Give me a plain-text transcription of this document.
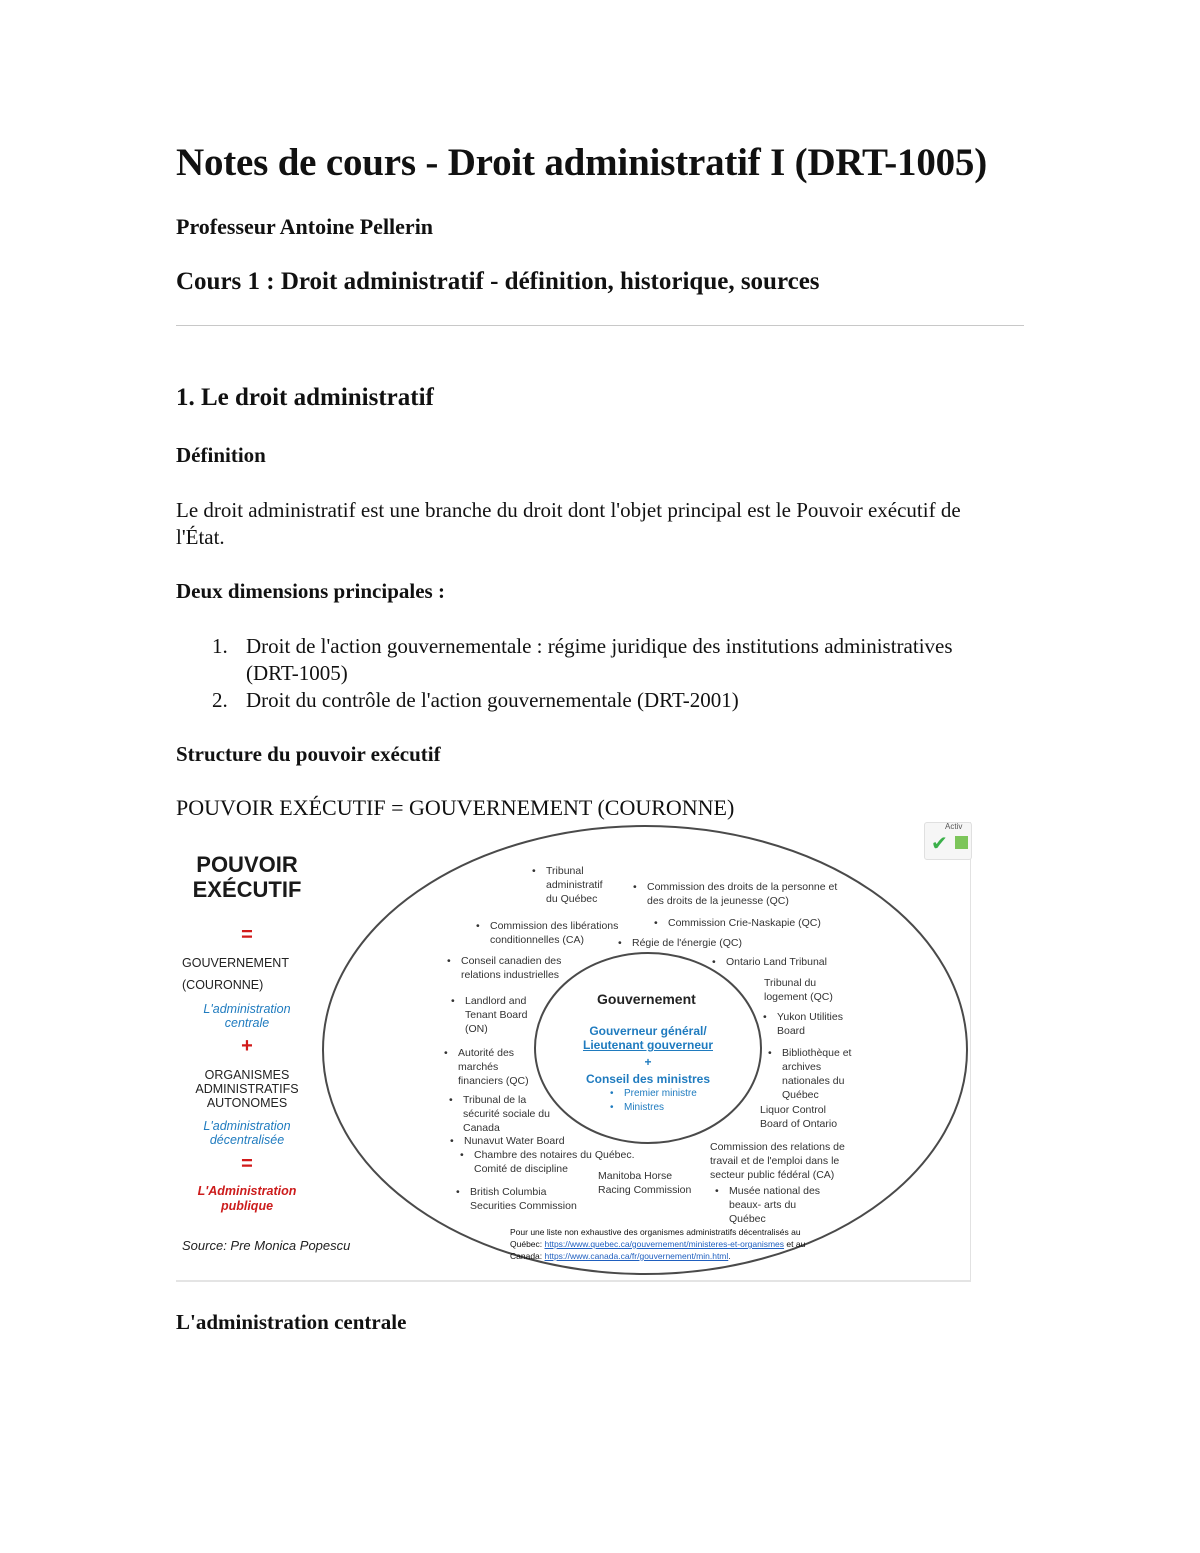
Notes de cours - Droit administratif I (DRT-1005)
Professeur Antoine Pellerin
Cours 1 : Droit administratif - définition, historique, sources
1. Le droit administratif
Définition

Le droit administratif est une branche du droit dont l'objet principal est le Pouvoir exécutif de l'État.

Deux dimensions principales :
1. Droit de l'action gouvernementale : régime juridique des institutions administratives (DRT-1005)
2. Droit du contrôle de l'action gouvernementale (DRT-2001)
Structure du pouvoir exécutif
POUVOIR EXÉCUTIF = GOUVERNEMENT (COURONNE)
Activ
✔
POUVOIR
EXÉCUTIF
=
GOUVERNEMENT
(COURONNE)
L'administration
centrale
+
ORGANISMES
ADMINISTRATIFS
AUTONOMES
L'administration
décentralisée
=
L'Administration
publique
Source: Pre Monica Popescu
Gouvernement
Gouverneur général/
Lieutenant gouverneur
+
Conseil des ministres
• Premier ministre
• Ministres
• Tribunal
administratif
du Québec
• Commission des droits de la personne et
des droits de la jeunesse (QC)
• Commission des libérations
conditionnelles (CA)
• Commission Crie-Naskapie (QC)
• Régie de l'énergie (QC)
• Conseil canadien des
relations industrielles
• Ontario Land Tribunal
Tribunal du
logement (QC)
• Landlord and
Tenant Board
(ON)
• Yukon Utilities
Board
• Autorité des
marchés
financiers (QC)
• Bibliothèque et
archives
nationales du
Québec
• Tribunal de la
sécurité sociale du
Canada
Liquor Control
Board of Ontario
• Nunavut Water Board
• Chambre des notaires du Québec.
Comité de discipline
Commission des relations de
travail et de l'emploi dans le
secteur public fédéral (CA)
Manitoba Horse
Racing Commission
• British Columbia
Securities Commission
• Musée national des
beaux- arts du
Québec
Pour une liste non exhaustive des organismes administratifs décentralisés au
Québec: https://www.quebec.ca/gouvernement/ministeres-et-organismes et au
Canada: https://www.canada.ca/fr/gouvernement/min.html.
L'administration centrale
